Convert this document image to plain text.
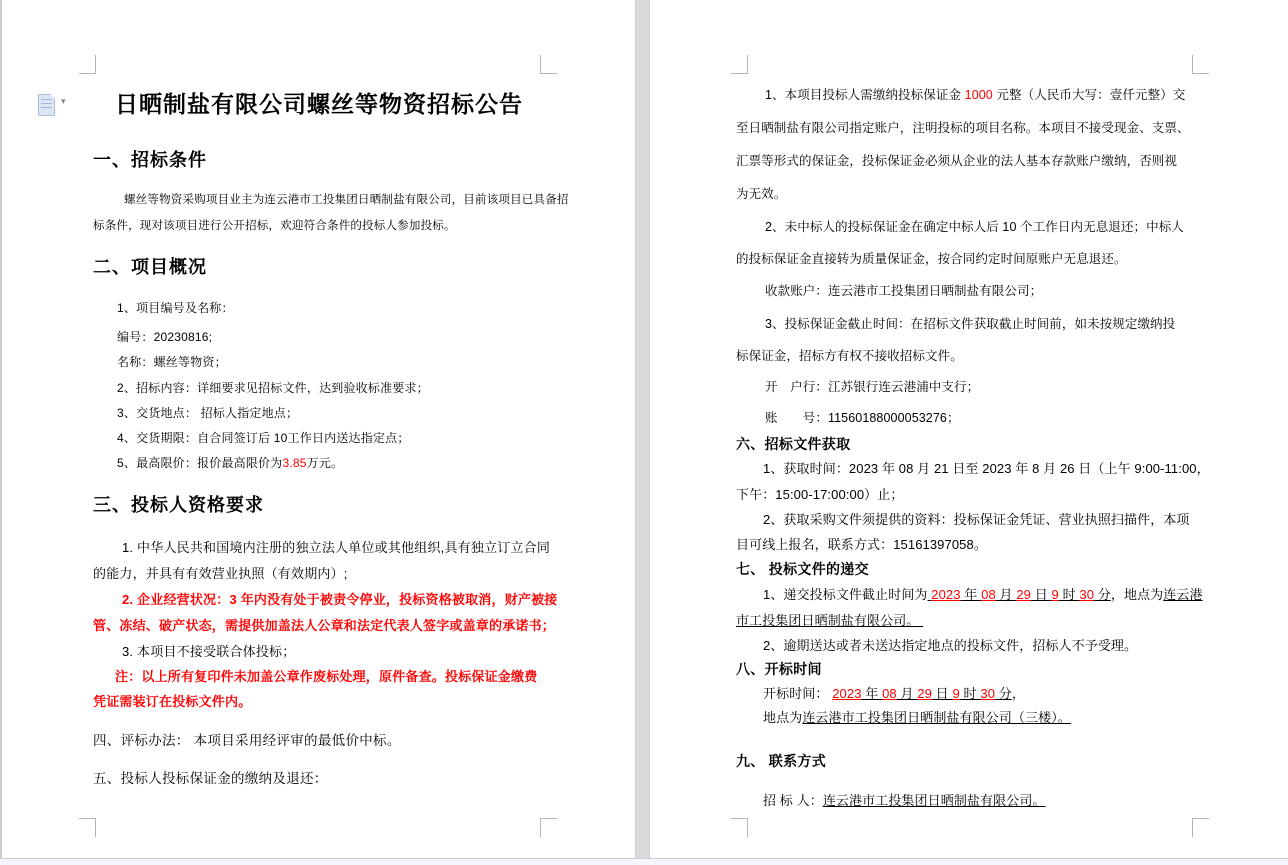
▾	日晒制盐有限公司螺丝等物资招标公告
一、招标条件
螺丝等物资采购项目业主为连云港市工投集团日晒制盐有限公司，目前该项目已具备招
标条件，现对该项目进行公开招标，欢迎符合条件的投标人参加投标。
二、项目概况
1、项目编号及名称：
编号：20230816;
名称：螺丝等物资；
2、招标内容：详细要求见招标文件，达到验收标准要求；
3、交货地点： 招标人指定地点；
4、交货期限：自合同签订后 10工作日内送达指定点；
5、最高限价：报价最高限价为3.85万元。
三、投标人资格要求
1. 中华人民共和国境内注册的独立法人单位或其他组织,具有独立订立合同
的能力，并具有有效营业执照（有效期内）;
2. 企业经营状况：3 年内没有处于被责令停业，投标资格被取消，财产被接
管、冻结、破产状态，需提供加盖法人公章和法定代表人签字或盖章的承诺书；
3. 本项目不接受联合体投标；
注：以上所有复印件未加盖公章作废标处理，原件备查。投标保证金缴费
凭证需装订在投标文件内。
四、评标办法： 本项目采用经评审的最低价中标。
五、投标人投标保证金的缴纳及退还：
1、本项目投标人需缴纳投标保证金 1000 元整（人民币大写：壹仟元整）交
至日晒制盐有限公司指定账户，注明投标的项目名称。本项目不接受现金、支票、
汇票等形式的保证金，投标保证金必须从企业的法人基本存款账户缴纳，否则视
为无效。
2、未中标人的投标保证金在确定中标人后 10 个工作日内无息退还；中标人
的投标保证金直接转为质量保证金，按合同约定时间原账户无息退还。
收款账户：连云港市工投集团日晒制盐有限公司；
3、投标保证金截止时间：在招标文件获取截止时间前，如未按规定缴纳投
标保证金，招标方有权不接收招标文件。
开　户行：江苏银行连云港浦中支行；
账　　号：11560188000053276；
六、招标文件获取
1、获取时间：2023 年 08 月 21 日至 2023 年 8 月 26 日（上午 9:00-11:00，
下午：15:00-17:00:00）止；
2、获取采购文件须提供的资料：投标保证金凭证、营业执照扫描件，本项
目可线上报名，联系方式：15161397058。
七、 投标文件的递交
1、递交投标文件截止时间为 2023 年 08 月 29 日 9 时 30 分，地点为连云港
市工投集团日晒制盐有限公司。
2、逾期送达或者未送达指定地点的投标文件，招标人不予受理。
八、开标时间
开标时间： 2023 年 08 月 29 日 9 时 30 分，
地点为连云港市工投集团日晒制盐有限公司（三楼）。
九、 联系方式
招 标 人：连云港市工投集团日晒制盐有限公司。
